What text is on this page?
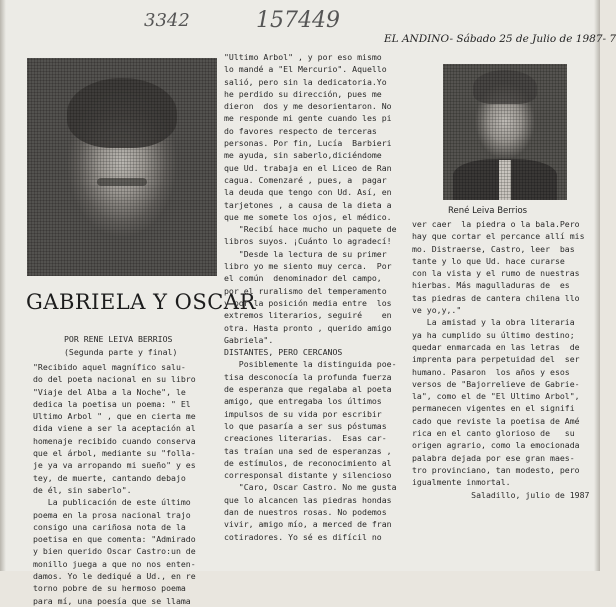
3342	157449
EL ANDINO- Sábado 25 de Julio de 1987- 7
René Leiva Berrios
GABRIELA Y OSCAR
POR RENE LEIVA BERRIOS
(Segunda parte y final)
"Recibido aquel magnífico salu-
do del poeta nacional en su libro
"Viaje del Alba a la Noche", le
dedica la poetisa un poema: " El
Ultimo Arbol " , que en cierta me
dida viene a ser la aceptación al
homenaje recibido cuando conserva
que el árbol, mediante su "folla-
je ya va arropando mi sueño" y es
tey, de muerte, cantando debajo
de él, sin saberlo".
La publicación de este último
poema en la prosa nacional trajo
consigo una cariñosa nota de la
poetisa en que comenta: "Admirado
y bien querido Oscar Castro:un de
monillo juega a que no nos enten-
damos. Yo le dediqué a Ud., en re
torno pobre de su hermoso poema
para mí, una poesía que se llama
"Ultimo Arbol" , y por eso mismo
lo mandé a "El Mercurio". Aquello
salió, pero sin la dedicatoria.Yo
he perdido su dirección, pues me
dieron  dos y me desorientaron. No
me responde mi gente cuando les pi
do favores respecto de terceras
personas. Por fin, Lucía  Barbieri
me ayuda, sin saberlo,diciéndome
que Ud. trabaja en el Liceo de Ran
cagua. Comenzaré , pues, a  pagar
la deuda que tengo con Ud. Así, en
tarjetones , a causa de la dieta a
que me somete los ojos, el médico.
"Recibí hace mucho un paquete de
libros suyos. ¡Cuánto lo agradecí!
"Desde la lectura de su primer
libro yo me siento muy cerca.  Por
el común  denominador del campo,
por el ruralismo del temperamento
y por la posición media entre  los
extremos literarios, seguiré    en
otra. Hasta pronto , querido amigo
Gabriela".
DISTANTES, PERO CERCANOS
Posiblemente la distinguida poe-
tisa desconocía la profunda fuerza
de esperanza que regalaba al poeta
amigo, que entregaba los últimos
impulsos de su vida por escribir
lo que pasaría a ser sus póstumas
creaciones literarias.  Esas car-
tas traían una sed de esperanzas ,
de estímulos, de reconocimiento al
corresponsal distante y silencioso
"Caro, Oscar Castro. No me gusta
que lo alcancen las piedras hondas
dan de nuestros rosas. No podemos
vivir, amigo mío, a merced de fran
cotiradores. Yo sé es difícil no
ver caer  la piedra o la bala.Pero
hay que cortar el percance allí mis
mo. Distraerse, Castro, leer  bas
tante y lo que Ud. hace curarse
con la vista y el rumo de nuestras
hierbas. Más magulladuras de  es
tas piedras de cantera chilena llo
ve yo,y,."
La amistad y la obra literaria
ya ha cumplido su último destino;
quedar enmarcada en las letras  de
imprenta para perpetuidad del  ser
humano. Pasaron  los años y esos
versos de "Bajorrelieve de Gabrie-
la", como el de "El Ultimo Arbol",
permanecen vigentes en el signifi
cado que reviste la poetisa de Amé
rica en el canto glorioso de   su
origen agrario, como la emocionada
palabra dejada por ese gran maes-
tro provinciano, tan modesto, pero
igualmente inmortal.
Saladillo, julio de 1987
